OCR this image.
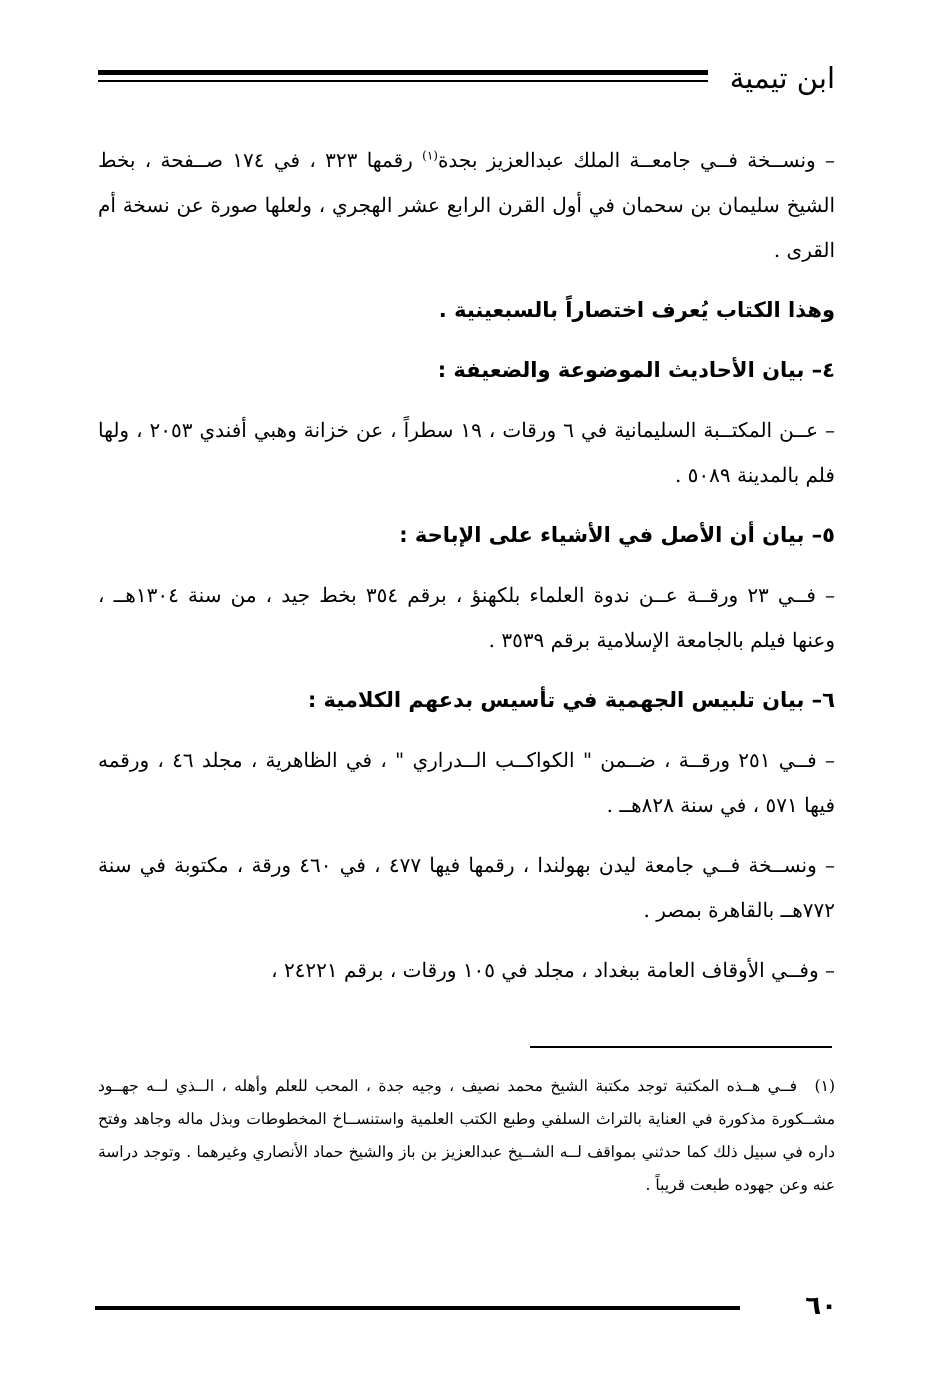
ابن تيمية

– ونســخة فــي جامعــة الملك عبدالعزيز بجدة$^{(١)}$ رقمها ٣٢٣ ، في ١٧٤ صــفحة ، بخط الشيخ سليمان بن سحمان في أول القرن الرابع عشر الهجري ، ولعلها صورة عن نسخة أم القرى .

وهذا الكتاب يُعرف اختصاراً بالسبعينية .

٤– بيان الأحاديث الموضوعة والضعيفة :

– عــن المكتــبة السليمانية في ٦ ورقات ، ١٩ سطراً ، عن خزانة وهبي أفندي ٢٠٥٣ ، ولها فلم بالمدينة ٥٠٨٩ .

٥– بيان أن الأصل في الأشياء على الإباحة :

– فــي ٢٣ ورقــة عــن ندوة العلماء بلكهنؤ ، برقم ٣٥٤ بخط جيد ، من سنة ١٣٠٤هــ ، وعنها فيلم بالجامعة الإسلامية برقم ٣٥٣٩ .

٦– بيان تلبيس الجهمية في تأسيس بدعهم الكلامية :

– فــي ٢٥١ ورقــة ، ضــمن " الكواكــب الــدراري " ، في الظاهرية ، مجلد ٤٦ ، ورقمه فيها ٥٧١ ، في سنة ٨٢٨هــ .

– ونســخة فــي جامعة ليدن بهولندا ، رقمها فيها ٤٧٧ ، في ٤٦٠ ورقة ، مكتوبة في سنة ٧٧٢هــ بالقاهرة بمصر .

– وفــي الأوقاف العامة ببغداد ، مجلد في ١٠٥ ورقات ، برقم ٢٤٢٢١ ،

(١)فــي هــذه المكتبة توجد مكتبة الشيخ محمد نصيف ، وجيه جدة ، المحب للعلم وأهله ، الــذي لــه جهــود مشــكورة مذكورة في العناية بالتراث السلفي وطبع الكتب العلمية واستنســاخ المخطوطات وبذل ماله وجاهد وفتح داره في سبيل ذلك كما حدثني بمواقف لــه الشــيخ عبدالعزيز بن باز والشيخ حماد الأنصاري وغيرهما . وتوجد دراسة عنه وعن جهوده طبعت قريباً .
٦٠
